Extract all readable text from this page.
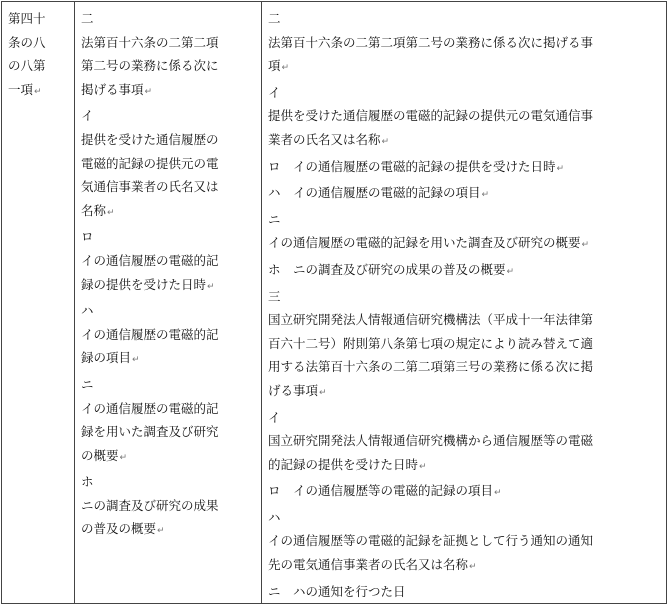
第四十
条の八
の八第
一項↵

二
法第百十六条の二第二項
第二号の業務に係る次に
掲げる事項↵
イ
提供を受けた通信履歴の
電磁的記録の提供元の電
気通信事業者の氏名又は
名称↵
ロ
イの通信履歴の電磁的記
録の提供を受けた日時↵
ハ
イの通信履歴の電磁的記
録の項目↵
ニ
イの通信履歴の電磁的記
録を用いた調査及び研究
の概要↵
ホ
ニの調査及び研究の成果
の普及の概要↵

二
法第百十六条の二第二項第二号の業務に係る次に掲げる事
項↵
イ
提供を受けた通信履歴の電磁的記録の提供元の電気通信事
業者の氏名又は名称↵
ロ　イの通信履歴の電磁的記録の提供を受けた日時↵
ハ　イの通信履歴の電磁的記録の項目↵
ニ
イの通信履歴の電磁的記録を用いた調査及び研究の概要↵
ホ　ニの調査及び研究の成果の普及の概要↵
三
国立研究開発法人情報通信研究機構法（平成十一年法律第
百六十二号）附則第八条第七項の規定により読み替えて適
用する法第百十六条の二第二項第三号の業務に係る次に掲
げる事項↵
イ
国立研究開発法人情報通信研究機構から通信履歴等の電磁
的記録の提供を受けた日時↵
ロ　イの通信履歴等の電磁的記録の項目↵
ハ
イの通信履歴等の電磁的記録を証拠として行う通知の通知
先の電気通信事業者の氏名又は名称↵
ニ　ハの通知を行つた日
